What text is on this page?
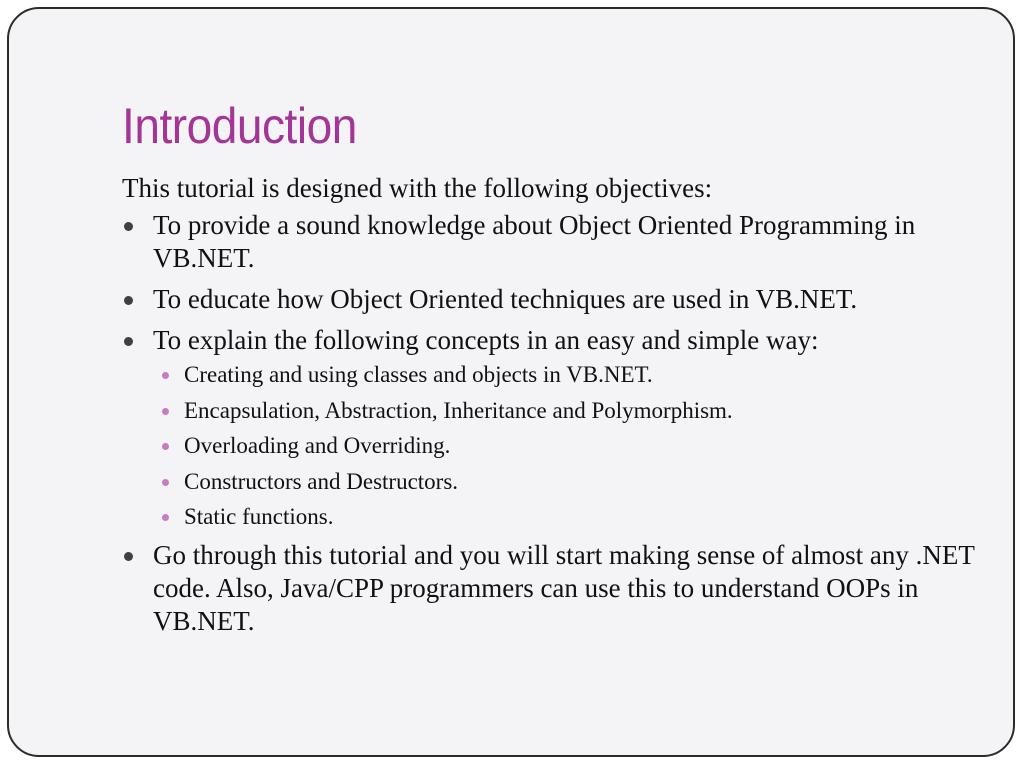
Introduction

This tutorial is designed with the following objectives:

To provide a sound knowledge about Object Oriented Programming in VB.NET.
To educate how Object Oriented techniques are used in VB.NET.
To explain the following concepts in an easy and simple way:
Creating and using classes and objects in VB.NET.
Encapsulation, Abstraction, Inheritance and Polymorphism.
Overloading and Overriding.
Constructors and Destructors.
Static functions.
Go through this tutorial and you will start making sense of almost any .NET code. Also, Java/CPP programmers can use this to understand OOPs in VB.NET.
